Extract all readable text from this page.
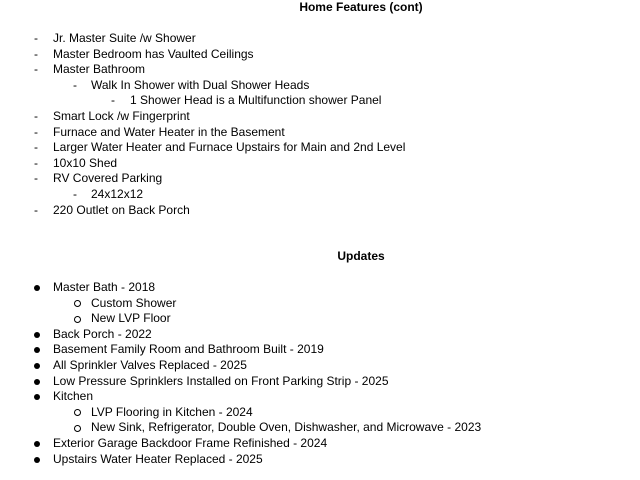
Home Features (cont)
- Jr. Master Suite /w Shower
- Master Bedroom has Vaulted Ceilings
- Master Bathroom
- Walk In Shower with Dual Shower Heads
- 1 Shower Head is a Multifunction shower Panel
- Smart Lock /w Fingerprint
- Furnace and Water Heater in the Basement
- Larger Water Heater and Furnace Upstairs for Main and 2nd Level
- 10x10 Shed
- RV Covered Parking
- 24x12x12
- 220 Outlet on Back Porch
Updates
Master Bath - 2018
Custom Shower
New LVP Floor
Back Porch - 2022
Basement Family Room and Bathroom Built - 2019
All Sprinkler Valves Replaced - 2025
Low Pressure Sprinklers Installed on Front Parking Strip - 2025
Kitchen
LVP Flooring in Kitchen - 2024
New Sink, Refrigerator, Double Oven, Dishwasher, and Microwave - 2023
Exterior Garage Backdoor Frame Refinished - 2024
Upstairs Water Heater Replaced - 2025
